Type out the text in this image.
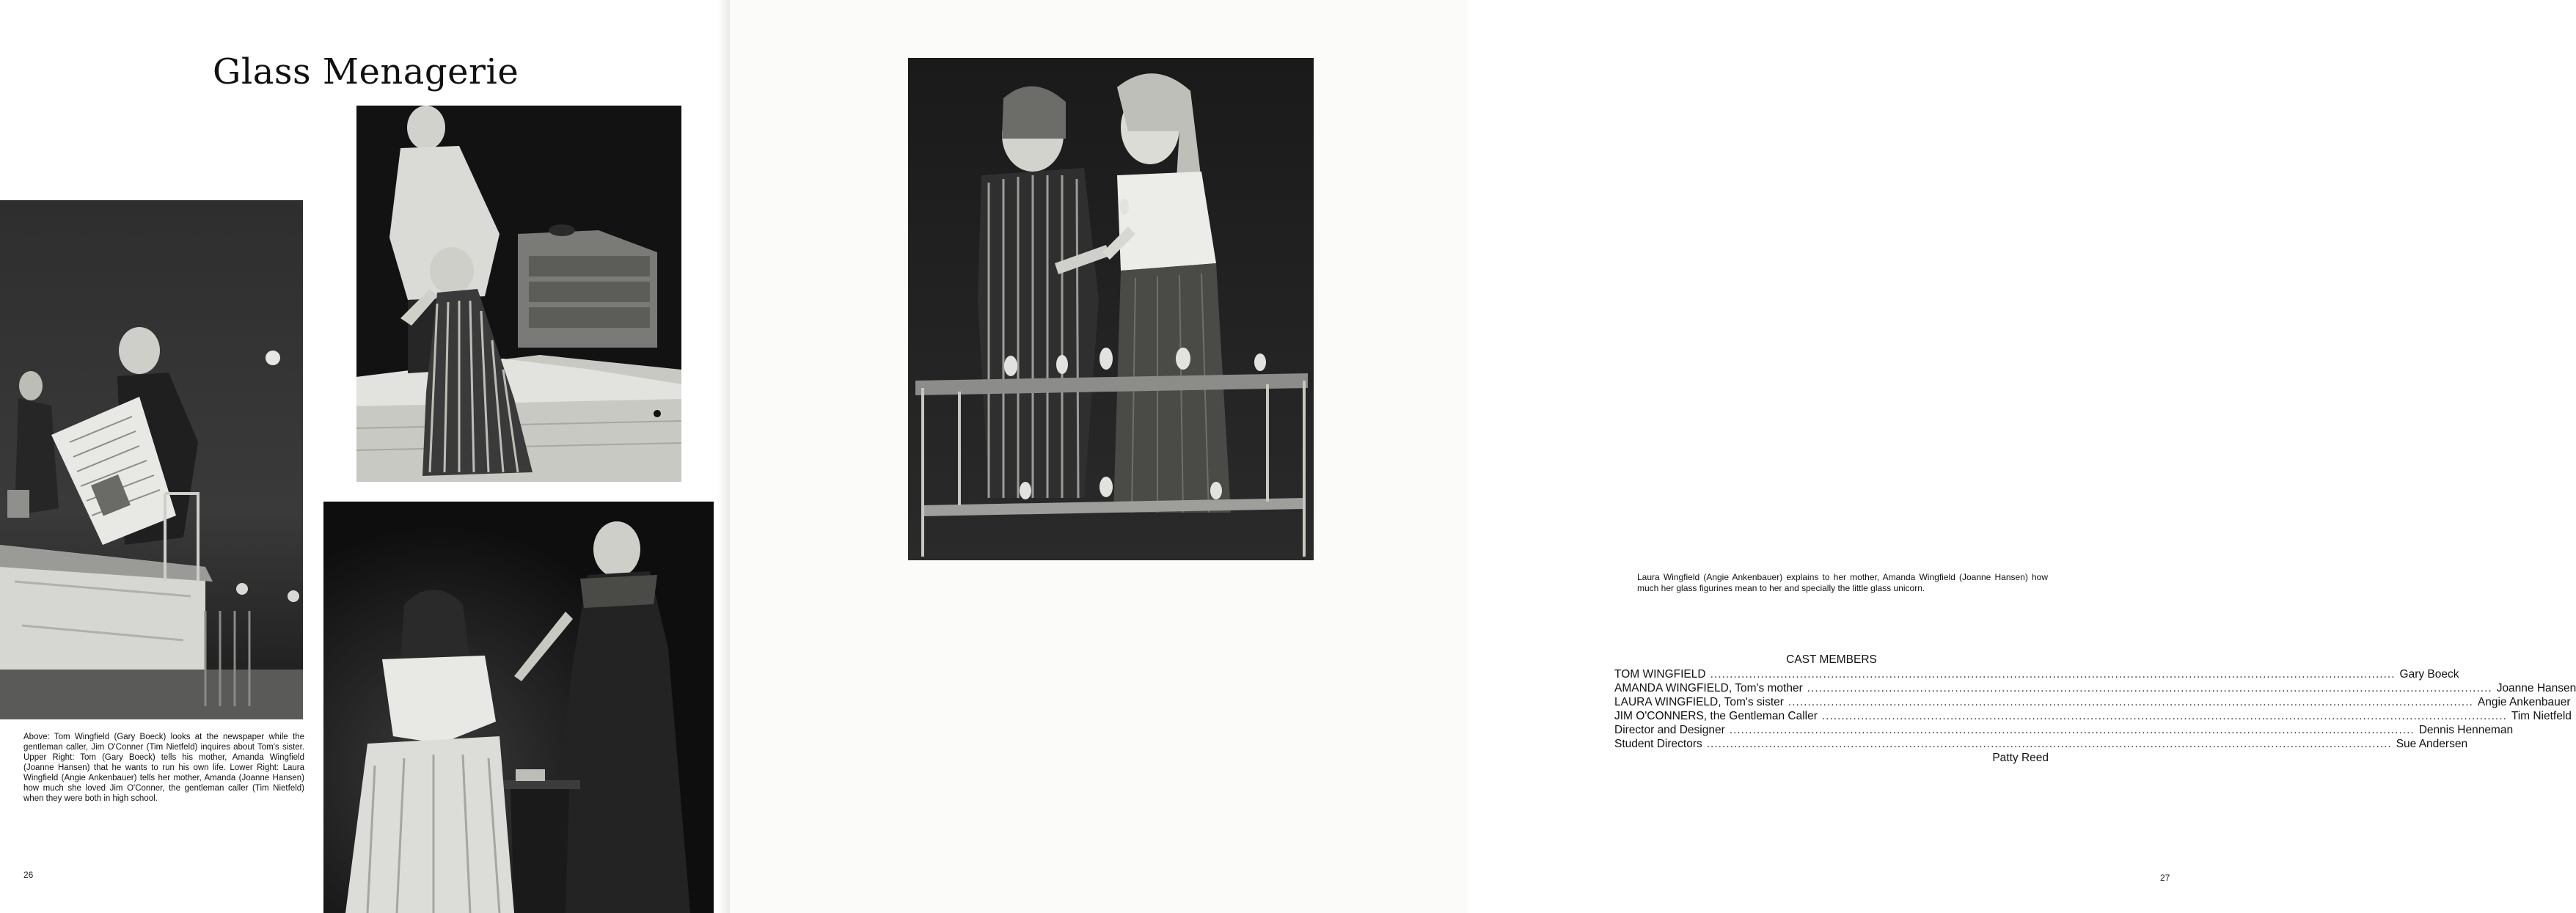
Glass Menagerie
Above: Tom Wingfield (Gary Boeck) looks at the newspaper while the gentleman caller, Jim O'Conner (Tim Nietfeld) inquires about Tom's sister. Upper Right: Tom (Gary Boeck) tells his mother, Amanda Wingfield (Joanne Hansen) that he wants to run his own life. Lower Right: Laura Wingfield (Angie Ankenbauer) tells her mother, Amanda (Joanne Hansen) how much she loved Jim O'Conner, the gentleman caller (Tim Nietfeld) when they were both in high school.
26
Laura Wingfield (Angie Ankenbauer) explains to her mother, Amanda Wingfield (Joanne Hansen) how much her glass figurines mean to her and specially the little glass unicorn.
CAST MEMBERS
TOM WINGFIELD .....	Gary Boeck
AMANDA WINGFIELD, Tom's mother .....	Joanne Hansen
LAURA WINGFIELD, Tom's sister .....	Angie Ankenbauer
JIM O'CONNERS, the Gentleman Caller .....	Tim Nietfeld
Director and Designer .....	Dennis Henneman
Student Directors .....	Sue Andersen
Patty Reed
27
